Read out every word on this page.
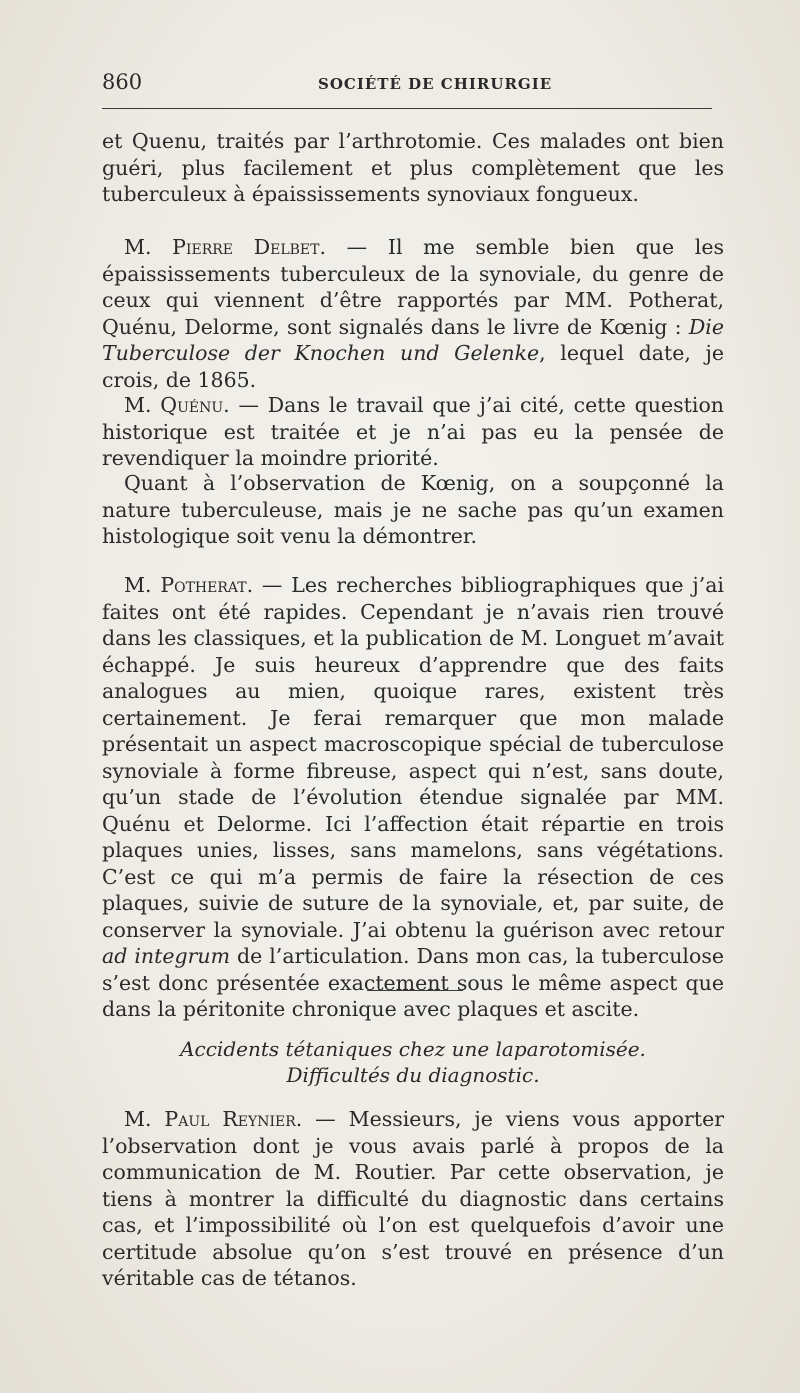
860	SOCIÉTÉ DE CHIRURGIE

et Quenu, traités par l’arthrotomie. Ces malades ont bien guéri, plus facilement et plus complètement que les tuberculeux à épaississements synoviaux fongueux.

M. Pierre Delbet. — Il me semble bien que les épaississements tuberculeux de la synoviale, du genre de ceux qui viennent d’être rapportés par MM. Potherat, Quénu, Delorme, sont signalés dans le livre de Kœnig : Die Tuberculose der Knochen und Gelenke, lequel date, je crois, de 1865.

M. Quénu. — Dans le travail que j’ai cité, cette question historique est traitée et je n’ai pas eu la pensée de revendiquer la moindre priorité.

Quant à l’observation de Kœnig, on a soupçonné la nature tuberculeuse, mais je ne sache pas qu’un examen histologique soit venu la démontrer.

M. Potherat. — Les recherches bibliographiques que j’ai faites ont été rapides. Cependant je n’avais rien trouvé dans les classiques, et la publication de M. Longuet m’avait échappé. Je suis heureux d’apprendre que des faits analogues au mien, quoique rares, existent très certainement. Je ferai remarquer que mon malade présentait un aspect macroscopique spécial de tuberculose synoviale à forme fibreuse, aspect qui n’est, sans doute, qu’un stade de l’évolution étendue signalée par MM. Quénu et Delorme. Ici l’affection était répartie en trois plaques unies, lisses, sans mamelons, sans végétations. C’est ce qui m’a permis de faire la résection de ces plaques, suivie de suture de la synoviale, et, par suite, de conserver la synoviale. J’ai obtenu la guérison avec retour ad integrum de l’articulation. Dans mon cas, la tuberculose s’est donc présentée exactement sous le même aspect que dans la péritonite chronique avec plaques et ascite.

Accidents tétaniques chez une laparotomisée.

Difficultés du diagnostic.

M. Paul Reynier. — Messieurs, je viens vous apporter l’observation dont je vous avais parlé à propos de la communication de M. Routier. Par cette observation, je tiens à montrer la difficulté du diagnostic dans certains cas, et l’impossibilité où l’on est quelquefois d’avoir une certitude absolue qu’on s’est trouvé en présence d’un véritable cas de tétanos.
